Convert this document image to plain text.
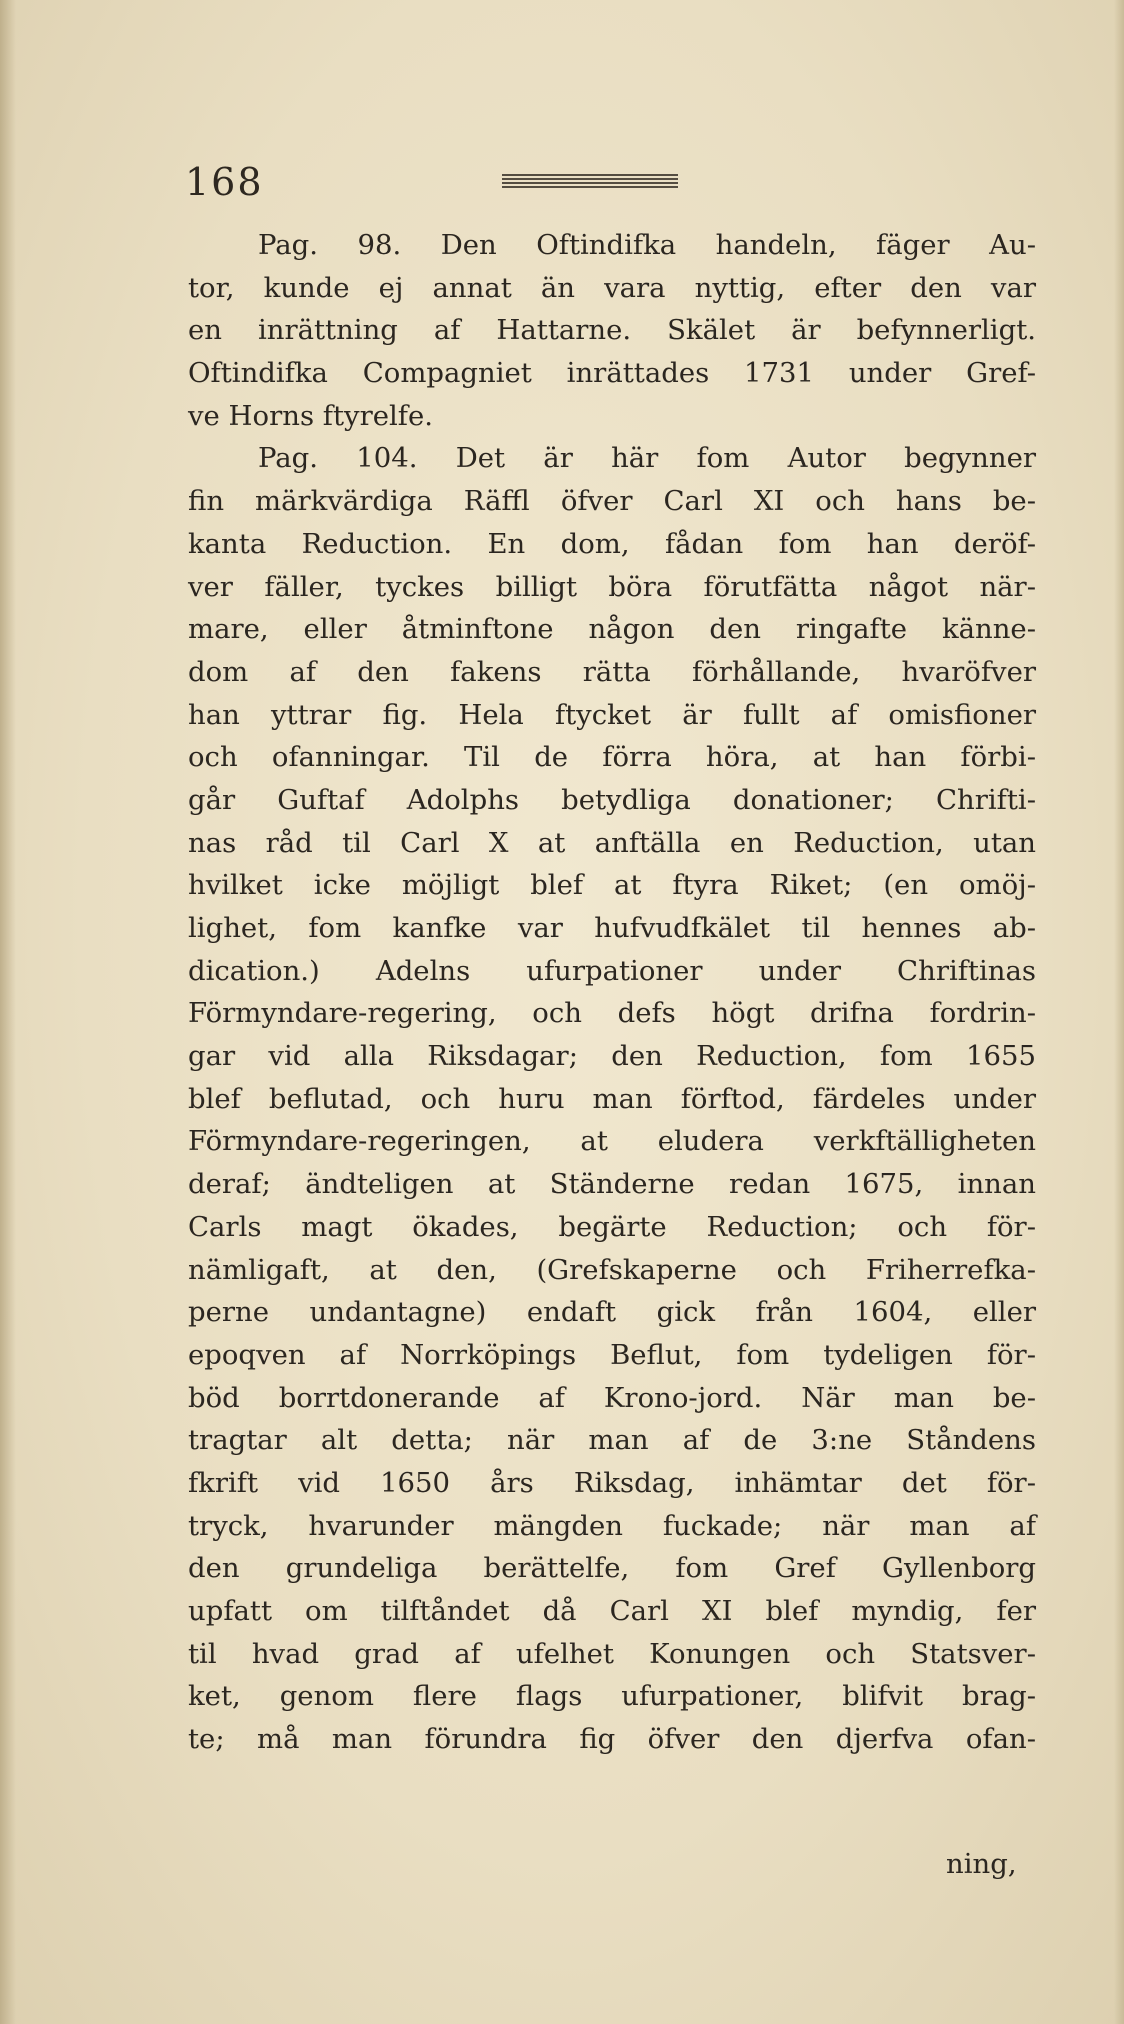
168
Pag. 98. Den Oftindifka handeln, fäger Au-
tor, kunde ej annat än vara nyttig, efter den var
en inrättning af Hattarne. Skälet är befynnerligt.
Oftindifka Compagniet inrättades 1731 under Gref-
ve Horns ftyrelfe.
Pag. 104. Det är här fom Autor begynner
fin märkvärdiga Räffl öfver Carl XI och hans be-
kanta Reduction. En dom, fådan fom han deröf-
ver fäller, tyckes billigt böra förutfätta något när-
mare, eller åtminftone någon den ringafte känne-
dom af den fakens rätta förhållande, hvaröfver
han yttrar fig. Hela ftycket är fullt af omisfioner
och ofanningar. Til de förra höra, at han förbi-
går Guftaf Adolphs betydliga donationer; Chrifti-
nas råd til Carl X at anftälla en Reduction, utan
hvilket icke möjligt blef at ftyra Riket; (en omöj-
lighet, fom kanfke var hufvudfkälet til hennes ab-
dication.) Adelns ufurpationer under Chriftinas
Förmyndare-regering, och defs högt drifna fordrin-
gar vid alla Riksdagar; den Reduction, fom 1655
blef beflutad, och huru man förftod, färdeles under
Förmyndare-regeringen, at eludera verkftälligheten
deraf; ändteligen at Ständerne redan 1675, innan
Carls magt ökades, begärte Reduction; och för-
nämligaft, at den, (Grefskaperne och Friherrefka-
perne undantagne) endaft gick från 1604, eller
epoqven af Norrköpings Beflut, fom tydeligen för-
böd borrtdonerande af Krono-jord. När man be-
tragtar alt detta; när man af de 3:ne Ståndens
fkrift vid 1650 års Riksdag, inhämtar det för-
tryck, hvarunder mängden fuckade; när man af
den grundeliga berättelfe, fom Gref Gyllenborg
upfatt om tilftåndet då Carl XI blef myndig, fer
til hvad grad af ufelhet Konungen och Statsver-
ket, genom flere flags ufurpationer, blifvit brag-
te; må man förundra fig öfver den djerfva ofan-
ning,
